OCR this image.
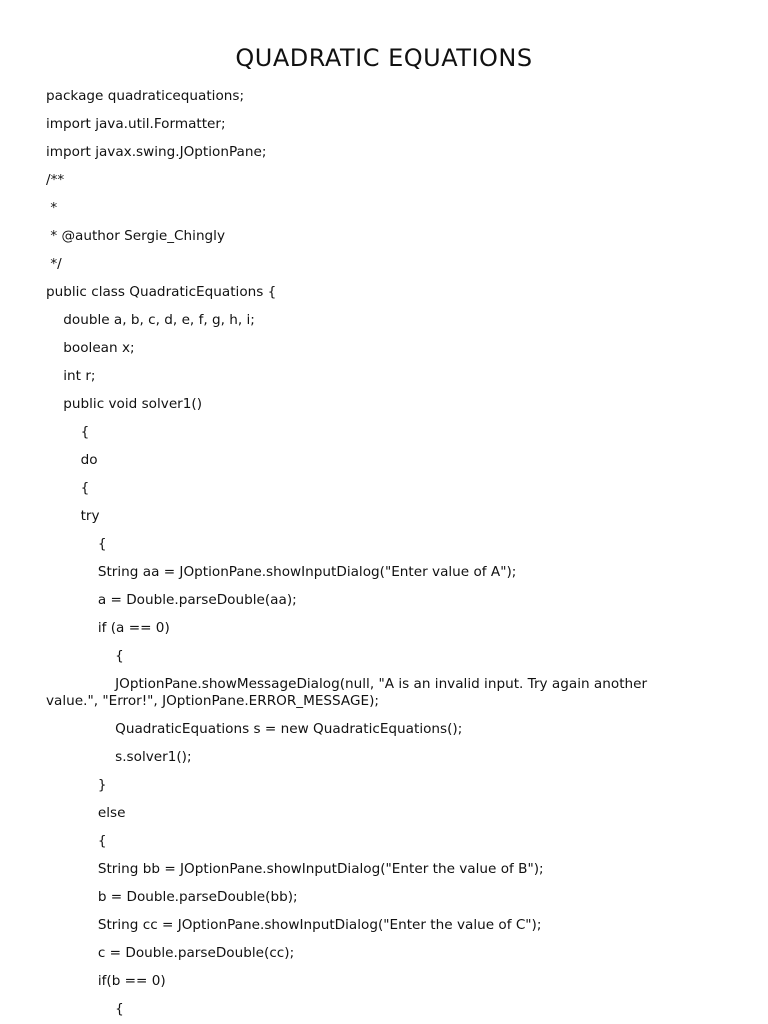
QUADRATIC EQUATIONS
package quadraticequations;
import java.util.Formatter;
import javax.swing.JOptionPane;
/**
*
* @author Sergie_Chingly
*/
public class QuadraticEquations {
double a, b, c, d, e, f, g, h, i;
boolean x;
int r;
public void solver1()
{
do
{
try
{
String aa = JOptionPane.showInputDialog("Enter value of A");
a = Double.parseDouble(aa);
if (a == 0)
{
JOptionPane.showMessageDialog(null, "A is an invalid input. Try again another
value.", "Error!", JOptionPane.ERROR_MESSAGE);
QuadraticEquations s = new QuadraticEquations();
s.solver1();
}
else
{
String bb = JOptionPane.showInputDialog("Enter the value of B");
b = Double.parseDouble(bb);
String cc = JOptionPane.showInputDialog("Enter the value of C");
c = Double.parseDouble(cc);
if(b == 0)
{
